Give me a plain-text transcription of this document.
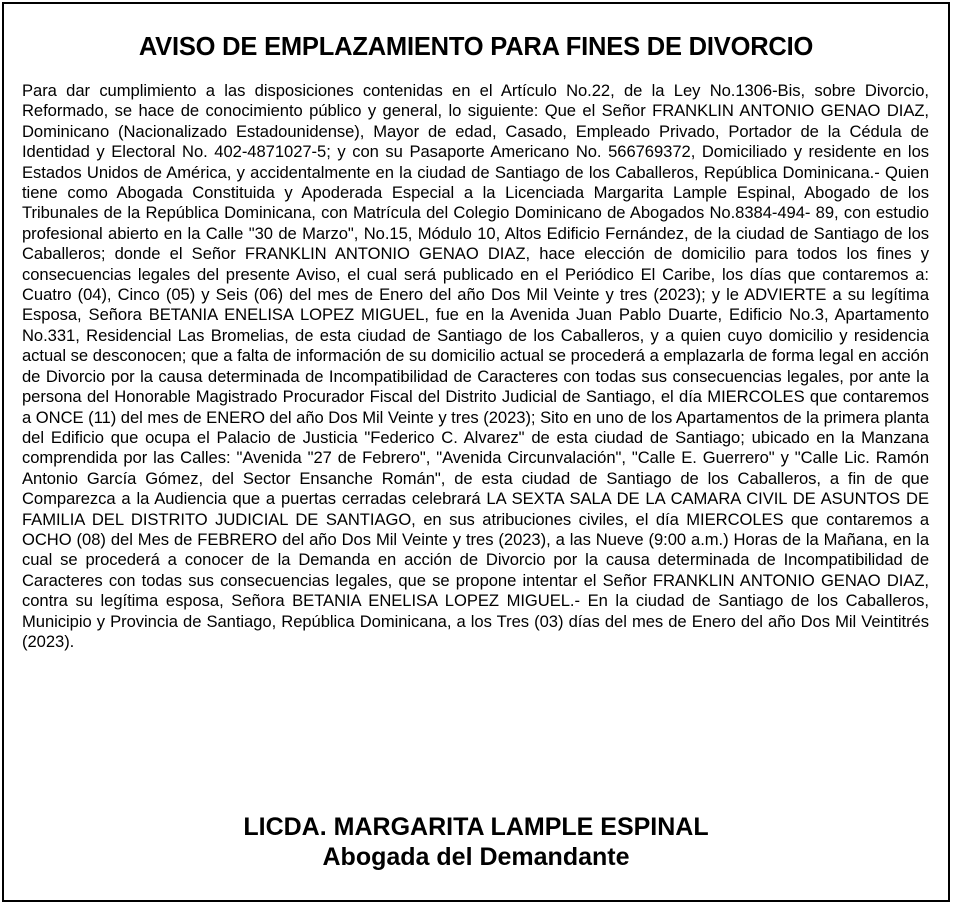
AVISO DE EMPLAZAMIENTO PARA FINES DE DIVORCIO

Para dar cumplimiento a las disposiciones contenidas en el Artículo No.22, de la Ley No.1306-Bis, sobre Divorcio, Reformado, se hace de conocimiento público y general, lo siguiente: Que el Señor FRANKLIN ANTONIO GENAO DIAZ, Dominicano (Nacionalizado Estadounidense), Mayor de edad, Casado, Empleado Privado, Portador de la Cédula de Identidad y Electoral No. 402-4871027-5; y con su Pasaporte Americano No. 566769372, Domiciliado y residente en los Estados Unidos de América, y accidentalmente en la ciudad de Santiago de los Caballeros, República Dominicana.- Quien tiene como Abogada Constituida y Apoderada Especial a la Licenciada Margarita Lample Espinal, Abogado de los Tribunales de la República Dominicana, con Matrícula del Colegio Dominicano de Abogados No.8384-494- 89, con estudio profesional abierto en la Calle "30 de Marzo", No.15, Módulo 10, Altos Edificio Fernández, de la ciudad de Santiago de los Caballeros; donde el Señor FRANKLIN ANTONIO GENAO DIAZ, hace elección de domicilio para todos los fines y consecuencias legales del presente Aviso, el cual será publicado en el Periódico El Caribe, los días que contaremos a: Cuatro (04), Cinco (05) y Seis (06) del mes de Enero del año Dos Mil Veinte y tres (2023); y le ADVIERTE a su legítima Esposa, Señora BETANIA ENELISA LOPEZ MIGUEL, fue en la Avenida Juan Pablo Duarte, Edificio No.3, Apartamento No.331, Residencial Las Bromelias, de esta ciudad de Santiago de los Caballeros, y a quien cuyo domicilio y residencia actual se desconocen; que a falta de información de su domicilio actual se procederá a emplazarla de forma legal en acción de Divorcio por la causa determinada de Incompatibilidad de Caracteres con todas sus consecuencias legales, por ante la persona del Honorable Magistrado Procurador Fiscal del Distrito Judicial de Santiago, el día MIERCOLES que contaremos a ONCE (11) del mes de ENERO del año Dos Mil Veinte y tres (2023); Sito en uno de los Apartamentos de la primera planta del Edificio que ocupa el Palacio de Justicia "Federico C. Alvarez" de esta ciudad de Santiago; ubicado en la Manzana comprendida por las Calles: "Avenida "27 de Febrero", "Avenida Circunvalación", "Calle E. Guerrero" y "Calle Lic. Ramón Antonio García Gómez, del Sector Ensanche Román", de esta ciudad de Santiago de los Caballeros, a fin de que Comparezca a la Audiencia que a puertas cerradas celebrará LA SEXTA SALA DE LA CAMARA CIVIL DE ASUNTOS DE FAMILIA DEL DISTRITO JUDICIAL DE SANTIAGO, en sus atribuciones civiles, el día MIERCOLES que contaremos a OCHO (08) del Mes de FEBRERO del año Dos Mil Veinte y tres (2023), a las Nueve (9:00 a.m.) Horas de la Mañana, en la cual se procederá a conocer de la Demanda en acción de Divorcio por la causa determinada de Incompatibilidad de Caracteres con todas sus consecuencias legales, que se propone intentar el Señor FRANKLIN ANTONIO GENAO DIAZ, contra su legítima esposa, Señora BETANIA ENELISA LOPEZ MIGUEL.- En la ciudad de Santiago de los Caballeros, Municipio y Provincia de Santiago, República Dominicana, a los Tres (03) días del mes de Enero del año Dos Mil Veintitrés (2023).

LICDA. MARGARITA LAMPLE ESPINAL
Abogada del Demandante
